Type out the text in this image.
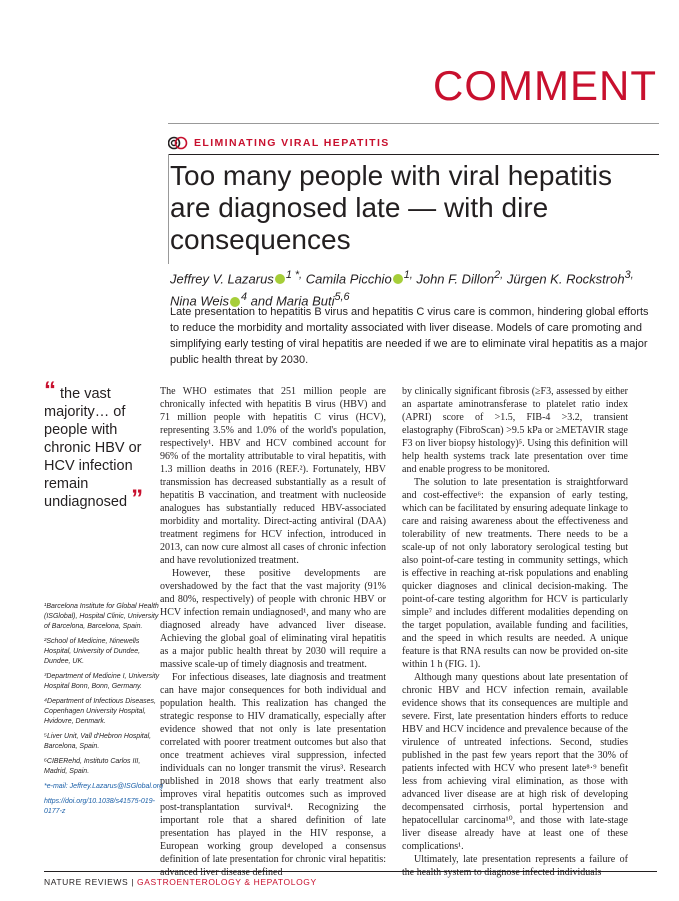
COMMENT
ELIMINATING VIRAL HEPATITIS
Too many people with viral hepatitis are diagnosed late — with dire consequences
Jeffrey V. Lazarus $^{1 *,}$ Camila Picchio $^{1,}$ John F. Dillon$^{2,}$ Jürgen K. Rockstroh$^{3,}$ Nina Weis $^4$ and Maria Buti$^{5,6}$
Late presentation to hepatitis B virus and hepatitis C virus care is common, hindering global efforts to reduce the morbidity and mortality associated with liver disease. Models of care promoting and simplifying early testing of viral hepatitis are needed if we are to eliminate viral hepatitis as a major public health threat by 2030.
“ the vast majority… of people with chronic HBV or HCV infection remain undiagnosed ”

¹Barcelona Institute for Global Health (ISGlobal), Hospital Clinic, University of Barcelona, Barcelona, Spain.

²School of Medicine, Ninewells Hospital, University of Dundee, Dundee, UK.

³Department of Medicine I, University Hospital Bonn, Bonn, Germany.

⁴Department of Infectious Diseases, Copenhagen University Hospital, Hvidovre, Denmark.

⁵Liver Unit, Vall d'Hebron Hospital, Barcelona, Spain.

⁶CIBERehd, Instituto Carlos III, Madrid, Spain.

*e-mail: Jeffrey.Lazarus@ISGlobal.org

https://doi.org/10.1038/s41575-019-0177-z

The WHO estimates that 251 million people are chronically infected with hepatitis B virus (HBV) and 71 million people with hepatitis C virus (HCV), representing 3.5% and 1.0% of the world's population, respectively¹. HBV and HCV combined account for 96% of the mortality attributable to viral hepatitis, with 1.3 million deaths in 2016 (REF.²). Fortunately, HBV transmission has decreased substantially as a result of hepatitis B vaccination, and treatment with nucleoside analogues has substantially reduced HBV-associated morbidity and mortality. Direct-acting antiviral (DAA) treatment regimens for HCV infection, introduced in 2013, can now cure almost all cases of chronic infection and have revolutionized treatment.

However, these positive developments are overshadowed by the fact that the vast majority (91% and 80%, respectively) of people with chronic HBV or HCV infection remain undiagnosed¹, and many who are diagnosed already have advanced liver disease. Achieving the global goal of eliminating viral hepatitis as a major public health threat by 2030 will require a massive scale-up of timely diagnosis and treatment.

For infectious diseases, late diagnosis and treatment can have major consequences for both individual and population health. This realization has changed the strategic response to HIV dramatically, especially after evidence showed that not only is late presentation correlated with poorer treatment outcomes but also that once treatment achieves viral suppression, infected individuals can no longer transmit the virus³. Research published in 2018 shows that early treatment also improves viral hepatitis outcomes such as improved post-transplantation survival⁴. Recognizing the important role that a shared definition of late presentation has played in the HIV response, a European working group developed a consensus definition of late presentation for chronic viral hepatitis: advanced liver disease defined

by clinically significant fibrosis (≥F3, assessed by either an aspartate aminotransferase to platelet ratio index (APRI) score of >1.5, FIB-4 >3.2, transient elastography (FibroScan) >9.5 kPa or ≥METAVIR stage F3 on liver biopsy histology)⁵. Using this definition will help health systems track late presentation over time and enable progress to be monitored.

The solution to late presentation is straightforward and cost-effective⁶: the expansion of early testing, which can be facilitated by ensuring adequate linkage to care and raising awareness about the effectiveness and tolerability of new treatments. There needs to be a scale-up of not only laboratory serological testing but also point-of-care testing in community settings, which is effective in reaching at-risk populations and enabling quicker diagnoses and clinical decision-making. The point-of-care testing algorithm for HCV is particularly simple⁷ and includes different modalities depending on the target population, available funding and facilities, and the speed in which results are needed. A unique feature is that RNA results can now be provided on-site within 1 h (FIG. 1).

Although many questions about late presentation of chronic HBV and HCV infection remain, available evidence shows that its consequences are multiple and severe. First, late presentation hinders efforts to reduce HBV and HCV incidence and prevalence because of the virulence of untreated infections. Second, studies published in the past few years report that the 30% of patients infected with HCV who present late⁸·⁹ benefit less from achieving viral elimination, as those with advanced liver disease are at high risk of developing decompensated cirrhosis, portal hypertension and hepatocellular carcinoma¹⁰, and those with late-stage liver disease already have at least one of these complications¹.

Ultimately, late presentation represents a failure of the health system to diagnose infected individuals

NATURE REVIEWS | GASTROENTEROLOGY & HEPATOLOGY
